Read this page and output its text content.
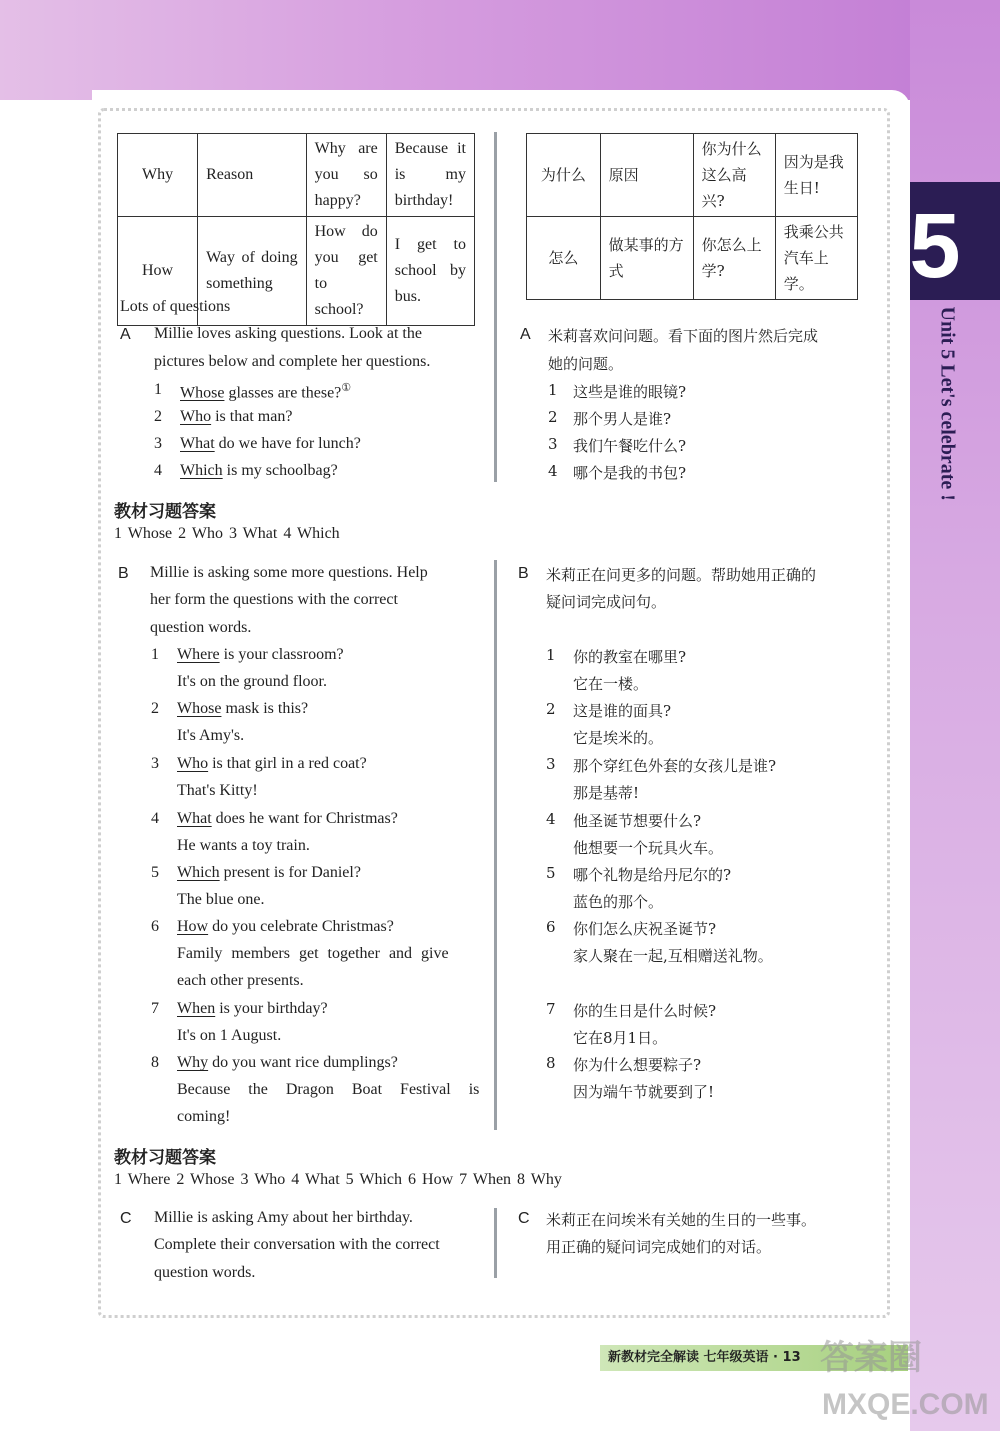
5
Unit 5 Let's celebrate !
Why	Reason	Why are you so happy?	Because it is my birthday!
How	Way of doing something	How do you get to school?	I get to school by bus.
为什么	原因	你为什么这么高兴?	因为是我生日!
怎么	做某事的方式	你怎么上学?	我乘公共汽车上学。
Lots of questions
A Millie loves asking questions. Look at the
pictures below and complete her questions.
1 Whose glasses are these?①
2 Who is that man?
3 What do we have for lunch?
4 Which is my schoolbag?
A 米莉喜欢问问题。看下面的图片然后完成
她的问题。
1 这些是谁的眼镜?
2 那个男人是谁?
3 我们午餐吃什么?
4 哪个是我的书包?
教材习题答案
1 Whose 2 Who 3 What 4 Which
B Millie is asking some more questions. Help
her form the questions with the correct
question words.
B 米莉正在问更多的问题。帮助她用正确的
疑问词完成问句。
1 Where is your classroom?
It's on the ground floor.
2 Whose mask is this?
It's Amy's.
3 Who is that girl in a red coat?
That's Kitty!
4 What does he want for Christmas?
He wants a toy train.
5 Which present is for Daniel?
The blue one.
6 How do you celebrate Christmas?
Family members get together and give
each other presents.
7 When is your birthday?
It's on 1 August.
8 Why do you want rice dumplings?
Because the Dragon Boat Festival is
coming!
1 你的教室在哪里?
它在一楼。
2 这是谁的面具?
它是埃米的。
3 那个穿红色外套的女孩儿是谁?
那是基蒂!
4 他圣诞节想要什么?
他想要一个玩具火车。
5 哪个礼物是给丹尼尔的?
蓝色的那个。
6 你们怎么庆祝圣诞节?
家人聚在一起,互相赠送礼物。
7 你的生日是什么时候?
它在8月1日。
8 你为什么想要粽子?
因为端午节就要到了!
教材习题答案
1 Where 2 Whose 3 Who 4 What 5 Which 6 How 7 When 8 Why
C Millie is asking Amy about her birthday.
Complete their conversation with the correct
question words.
C 米莉正在问埃米有关她的生日的一些事。
用正确的疑问词完成她们的对话。
新教材完全解读 七年级英语 · 13 答案圈
MXQE.COM
